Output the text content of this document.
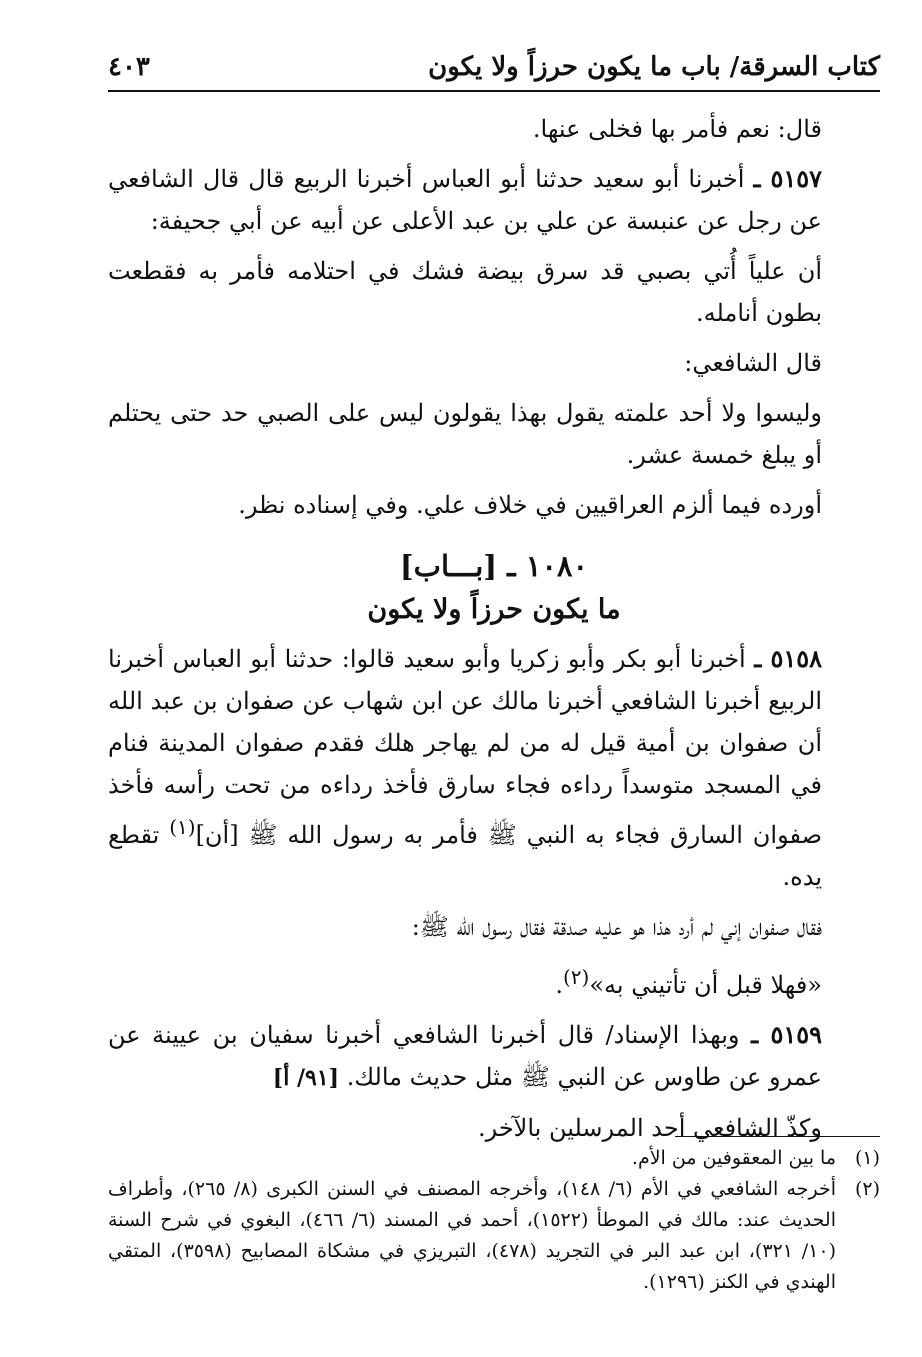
كتاب السرقة/ باب ما يكون حرزاً ولا يكون
٤٠٣

قال: نعم فأمر بها فخلى عنها.

٥١٥٧ ـ أخبرنا أبو سعيد حدثنا أبو العباس أخبرنا الربيع قال قال الشافعي عن رجل عن عنبسة عن علي بن عبد الأعلى عن أبيه عن أبي جحيفة:

أن علياً أُتي بصبي قد سرق بيضة فشك في احتلامه فأمر به فقطعت بطون أنامله.

قال الشافعي:

وليسوا ولا أحد علمته يقول بهذا يقولون ليس على الصبي حد حتى يحتلم أو يبلغ خمسة عشر.

أورده فيما ألزم العراقيين في خلاف علي. وفي إسناده نظر.

١٠٨٠ ـ [بـــاب]
ما يكون حرزاً ولا يكون

٥١٥٨ ـ أخبرنا أبو بكر وأبو زكريا وأبو سعيد قالوا: حدثنا أبو العباس أخبرنا الربيع أخبرنا الشافعي أخبرنا مالك عن ابن شهاب عن صفوان بن عبد الله أن صفوان بن أمية قيل له من لم يهاجر هلك فقدم صفوان المدينة فنام في المسجد متوسداً رداءه فجاء سارق فأخذ رداءه من تحت رأسه فأخذ صفوان السارق فجاء به النبي ﷺ فأمر به رسول الله ﷺ [أن]$^{(١)}$ تقطع يده.

فقال صفوان إني لم أرد هذا هو عليه صدقة فقال رسول الله ﷺ:

«فهلا قبل أن تأتيني به»$^{(٢)}$.

٥١٥٩ ـ وبهذا الإسناد/ قال أخبرنا الشافعي أخبرنا سفيان بن عيينة عن عمرو عن طاوس عن النبي ﷺ مثل حديث مالك. [٩١/ أ]

وكذّ الشافعي أحد المرسلين بالآخر.

(١)
ما بين المعقوفين من الأم.

(٢)
أخرجه الشافعي في الأم (٦/ ١٤٨)، وأخرجه المصنف في السنن الكبرى (٨/ ٢٦٥)، وأطراف الحديث عند: مالك في الموطأ (١٥٢٢)، أحمد في المسند (٦/ ٤٦٦)، البغوي في شرح السنة (١٠/ ٣٢١)، ابن عبد البر في التجريد (٤٧٨)، التبريزي في مشكاة المصابيح (٣٥٩٨)، المتقي الهندي في الكنز (١٢٩٦).
